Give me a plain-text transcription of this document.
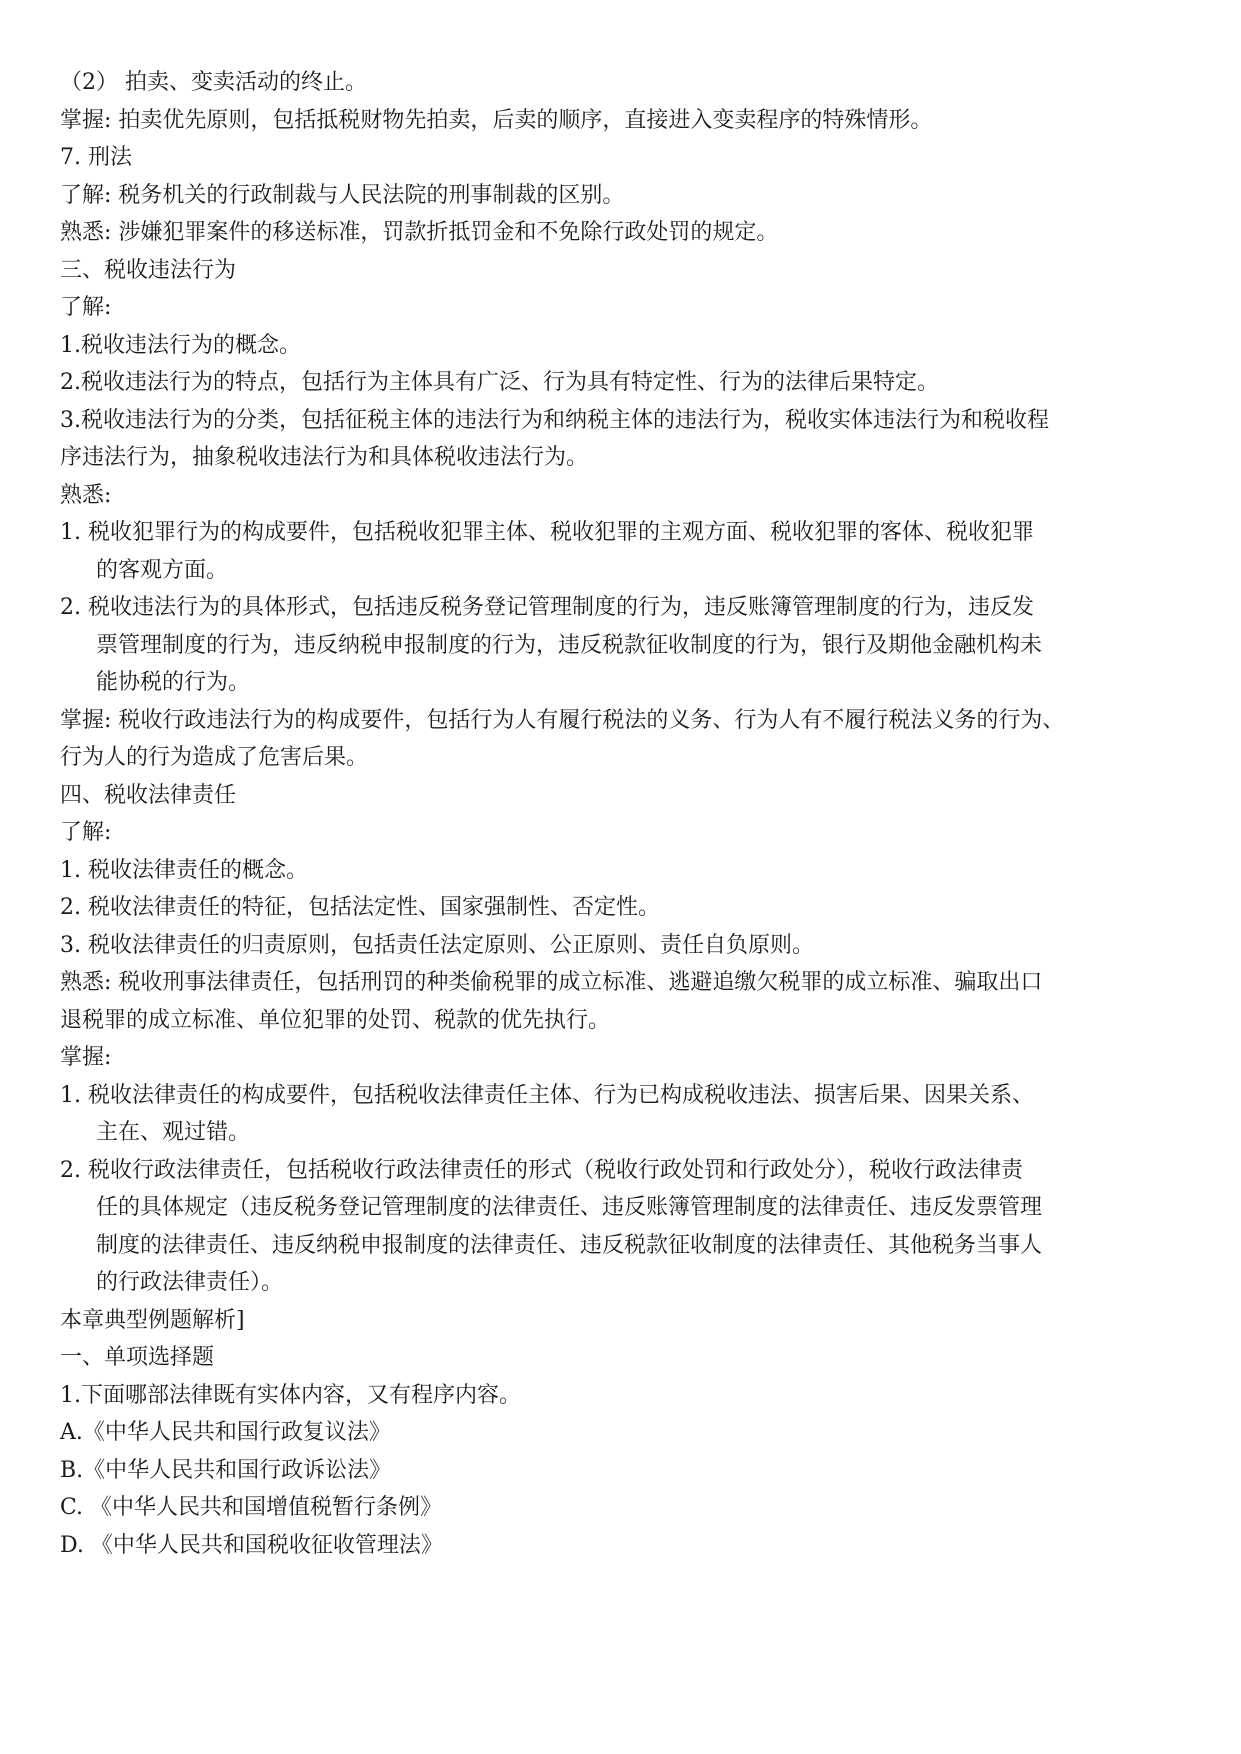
（2） 拍卖、变卖活动的终止。

掌握: 拍卖优先原则，包括抵税财物先拍卖，后卖的顺序，直接进入变卖程序的特殊情形。

7. 刑法

了解: 税务机关的行政制裁与人民法院的刑事制裁的区别。

熟悉: 涉嫌犯罪案件的移送标准，罚款折抵罚金和不免除行政处罚的规定。

三、税收违法行为

了解:

1.税收违法行为的概念。

2.税收违法行为的特点，包括行为主体具有广泛、行为具有特定性、行为的法律后果特定。

3.税收违法行为的分类，包括征税主体的违法行为和纳税主体的违法行为，税收实体违法行为和税收程

序违法行为，抽象税收违法行为和具体税收违法行为。

熟悉:

1. 税收犯罪行为的构成要件，包括税收犯罪主体、税收犯罪的主观方面、税收犯罪的客体、税收犯罪

的客观方面。

2. 税收违法行为的具体形式，包括违反税务登记管理制度的行为，违反账簿管理制度的行为，违反发

票管理制度的行为，违反纳税申报制度的行为，违反税款征收制度的行为，银行及期他金融机构未

能协税的行为。

掌握: 税收行政违法行为的构成要件，包括行为人有履行税法的义务、行为人有不履行税法义务的行为、

行为人的行为造成了危害后果。

四、税收法律责任

了解:

1. 税收法律责任的概念。

2. 税收法律责任的特征，包括法定性、国家强制性、否定性。

3. 税收法律责任的归责原则，包括责任法定原则、公正原则、责任自负原则。

熟悉: 税收刑事法律责任，包括刑罚的种类偷税罪的成立标准、逃避追缴欠税罪的成立标准、骗取出口

退税罪的成立标准、单位犯罪的处罚、税款的优先执行。

掌握:

1. 税收法律责任的构成要件，包括税收法律责任主体、行为已构成税收违法、损害后果、因果关系、

主在、观过错。

2. 税收行政法律责任，包括税收行政法律责任的形式（税收行政处罚和行政处分），税收行政法律责

任的具体规定（违反税务登记管理制度的法律责任、违反账簿管理制度的法律责任、违反发票管理

制度的法律责任、违反纳税申报制度的法律责任、违反税款征收制度的法律责任、其他税务当事人

的行政法律责任）。

本章典型例题解析]

一、单项选择题

1.下面哪部法律既有实体内容，又有程序内容。

A.《中华人民共和国行政复议法》

B.《中华人民共和国行政诉讼法》

C. 《中华人民共和国增值税暂行条例》

D. 《中华人民共和国税收征收管理法》
